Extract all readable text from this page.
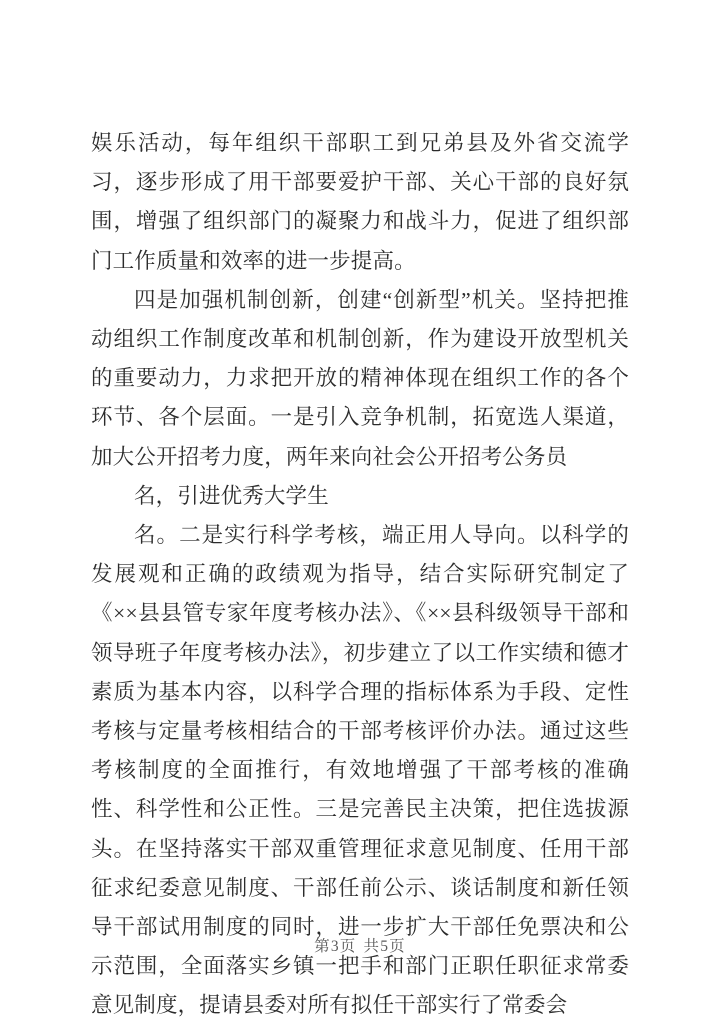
娱乐活动，每年组织干部职工到兄弟县及外省交流学习，逐步形成了用干部要爱护干部、关心干部的良好氛围，增强了组织部门的凝聚力和战斗力，促进了组织部门工作质量和效率的进一步提高。

四是加强机制创新，创建“创新型”机关。坚持把推动组织工作制度改革和机制创新，作为建设开放型机关的重要动力，力求把开放的精神体现在组织工作的各个环节、各个层面。一是引入竞争机制，拓宽选人渠道，加大公开招考力度，两年来向社会公开招考公务员

名，引进优秀大学生

名。二是实行科学考核，端正用人导向。以科学的发展观和正确的政绩观为指导，结合实际研究制定了《××县县管专家年度考核办法》、《××县科级领导干部和领导班子年度考核办法》，初步建立了以工作实绩和德才素质为基本内容，以科学合理的指标体系为手段、定性考核与定量考核相结合的干部考核评价办法。通过这些考核制度的全面推行，有效地增强了干部考核的准确性、科学性和公正性。三是完善民主决策，把住选拔源头。在坚持落实干部双重管理征求意见制度、任用干部征求纪委意见制度、干部任前公示、谈话制度和新任领导干部试用制度的同时，进一步扩大干部任免票决和公示范围，全面落实乡镇一把手和部门正职任职征求常委意见制度，提请县委对所有拟任干部实行了常委会

第3页 共5页
